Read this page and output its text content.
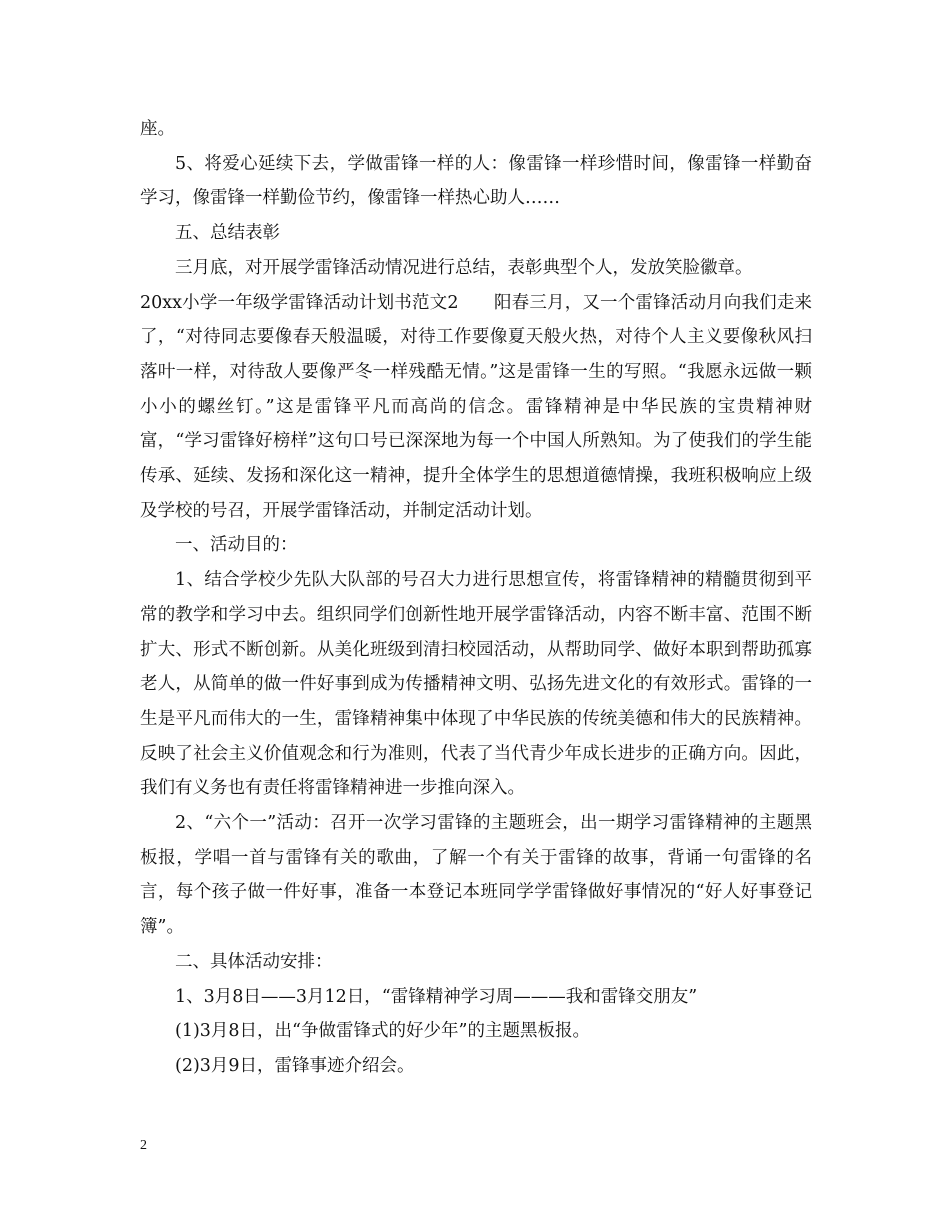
座。

5、将爱心延续下去，学做雷锋一样的人：像雷锋一样珍惜时间，像雷锋一样勤奋学习，像雷锋一样勤俭节约，像雷锋一样热心助人……

五、总结表彰

三月底，对开展学雷锋活动情况进行总结，表彰典型个人，发放笑脸徽章。

20xx小学一年级学雷锋活动计划书范文2　　阳春三月，又一个雷锋活动月向我们走来了，“对待同志要像春天般温暖，对待工作要像夏天般火热，对待个人主义要像秋风扫落叶一样，对待敌人要像严冬一样残酷无情。”这是雷锋一生的写照。“我愿永远做一颗小小的螺丝钉。”这是雷锋平凡而高尚的信念。雷锋精神是中华民族的宝贵精神财富，“学习雷锋好榜样”这句口号已深深地为每一个中国人所熟知。为了使我们的学生能传承、延续、发扬和深化这一精神，提升全体学生的思想道德情操，我班积极响应上级及学校的号召，开展学雷锋活动，并制定活动计划。

一、活动目的：

1、结合学校少先队大队部的号召大力进行思想宣传，将雷锋精神的精髓贯彻到平常的教学和学习中去。组织同学们创新性地开展学雷锋活动，内容不断丰富、范围不断扩大、形式不断创新。从美化班级到清扫校园活动，从帮助同学、做好本职到帮助孤寡老人，从简单的做一件好事到成为传播精神文明、弘扬先进文化的有效形式。雷锋的一生是平凡而伟大的一生，雷锋精神集中体现了中华民族的传统美德和伟大的民族精神。反映了社会主义价值观念和行为准则，代表了当代青少年成长进步的正确方向。因此，我们有义务也有责任将雷锋精神进一步推向深入。

2、“六个一”活动：召开一次学习雷锋的主题班会，出一期学习雷锋精神的主题黑板报，学唱一首与雷锋有关的歌曲，了解一个有关于雷锋的故事，背诵一句雷锋的名言，每个孩子做一件好事，准备一本登记本班同学学雷锋做好事情况的“好人好事登记簿”。

二、具体活动安排：

1、3月8日——3月12日，“雷锋精神学习周———我和雷锋交朋友”

(1)3月8日，出“争做雷锋式的好少年”的主题黑板报。

(2)3月9日，雷锋事迹介绍会。

2
